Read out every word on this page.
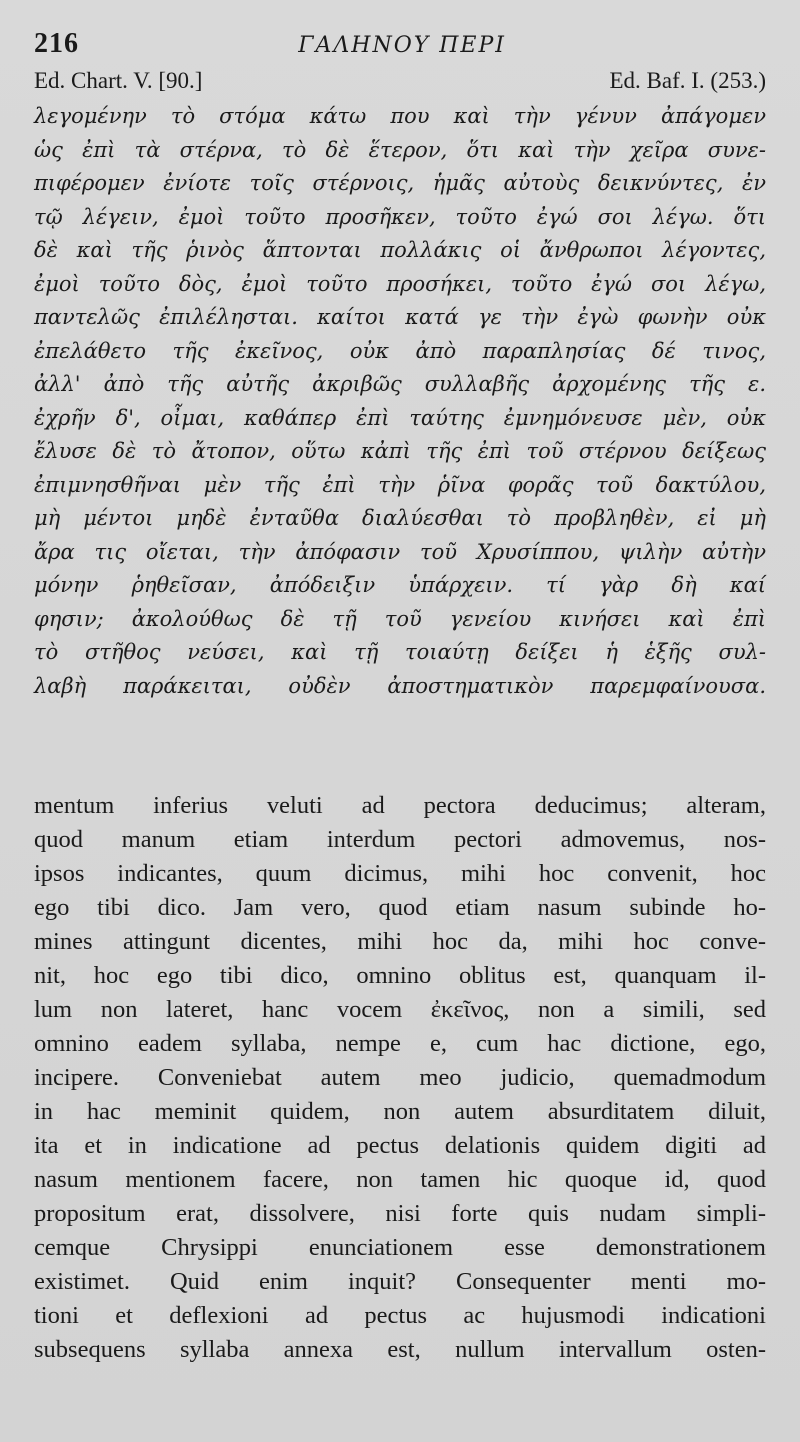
216	ΓΑΛΗΝΟΥ ΠΕΡΙ
Ed. Chart. V. [90.]	Ed. Baf. I. (253.)
λεγομένην τὸ στόμα κάτω που καὶ τὴν γένυν ἀπάγομεν
ὡς ἐπὶ τὰ στέρνα, τὸ δὲ ἕτερον, ὅτι καὶ τὴν χεῖρα συνε-
πιφέρομεν ἐνίοτε τοῖς στέρνοις, ἡμᾶς αὐτοὺς δεικνύντες, ἐν
τῷ λέγειν, ἐμοὶ τοῦτο προσῆκεν, τοῦτο ἐγώ σοι λέγω. ὅτι
δὲ καὶ τῆς ῥινὸς ἅπτονται πολλάκις οἱ ἄνθρωποι λέγοντες,
ἐμοὶ τοῦτο δὸς, ἐμοὶ τοῦτο προσήκει, τοῦτο ἐγώ σοι λέγω,
παντελῶς ἐπιλέλησται. καίτοι κατά γε τὴν ἐγὼ φωνὴν οὐκ
ἐπελάθετο τῆς ἐκεῖνος, οὐκ ἀπὸ παραπλησίας δέ τινος,
ἀλλ' ἀπὸ τῆς αὐτῆς ἀκριβῶς συλλαβῆς ἀρχομένης τῆς ε.
ἐχρῆν δ', οἶμαι, καθάπερ ἐπὶ ταύτης ἐμνημόνευσε μὲν, οὐκ
ἔλυσε δὲ τὸ ἄτοπον, οὕτω κἀπὶ τῆς ἐπὶ τοῦ στέρνου δείξεως
ἐπιμνησθῆναι μὲν τῆς ἐπὶ τὴν ῥῖνα φορᾶς τοῦ δακτύλου,
μὴ μέντοι μηδὲ ἐνταῦθα διαλύεσθαι τὸ προβληθὲν, εἰ μὴ
ἄρα τις οἴεται, τὴν ἀπόφασιν τοῦ Χρυσίππου, ψιλὴν αὐτὴν
μόνην ῥηθεῖσαν, ἀπόδειξιν ὑπάρχειν. τί γὰρ δὴ καί
φησιν; ἀκολούθως δὲ τῇ τοῦ γενείου κινήσει καὶ ἐπὶ
τὸ στῆθος νεύσει, καὶ τῇ τοιαύτῃ δείξει ἡ ἑξῆς συλ-
λαβὴ παράκειται, οὐδὲν ἀποστηματικὸν παρεμφαίνουσα.
mentum inferius veluti ad pectora deducimus; alteram,
quod manum etiam interdum pectori admovemus, nos-
ipsos indicantes, quum dicimus, mihi hoc convenit, hoc
ego tibi dico. Jam vero, quod etiam nasum subinde ho-
mines attingunt dicentes, mihi hoc da, mihi hoc conve-
nit, hoc ego tibi dico, omnino oblitus est, quanquam il-
lum non lateret, hanc vocem ἐκεῖνος, non a simili, sed
omnino eadem syllaba, nempe e, cum hac dictione, ego,
incipere. Conveniebat autem meo judicio, quemadmodum
in hac meminit quidem, non autem absurditatem diluit,
ita et in indicatione ad pectus delationis quidem digiti ad
nasum mentionem facere, non tamen hic quoque id, quod
propositum erat, dissolvere, nisi forte quis nudam simpli-
cemque Chrysippi enunciationem esse demonstrationem
existimet. Quid enim inquit? Consequenter menti mo-
tioni et deflexioni ad pectus ac hujusmodi indicationi
subsequens syllaba annexa est, nullum intervallum osten-
